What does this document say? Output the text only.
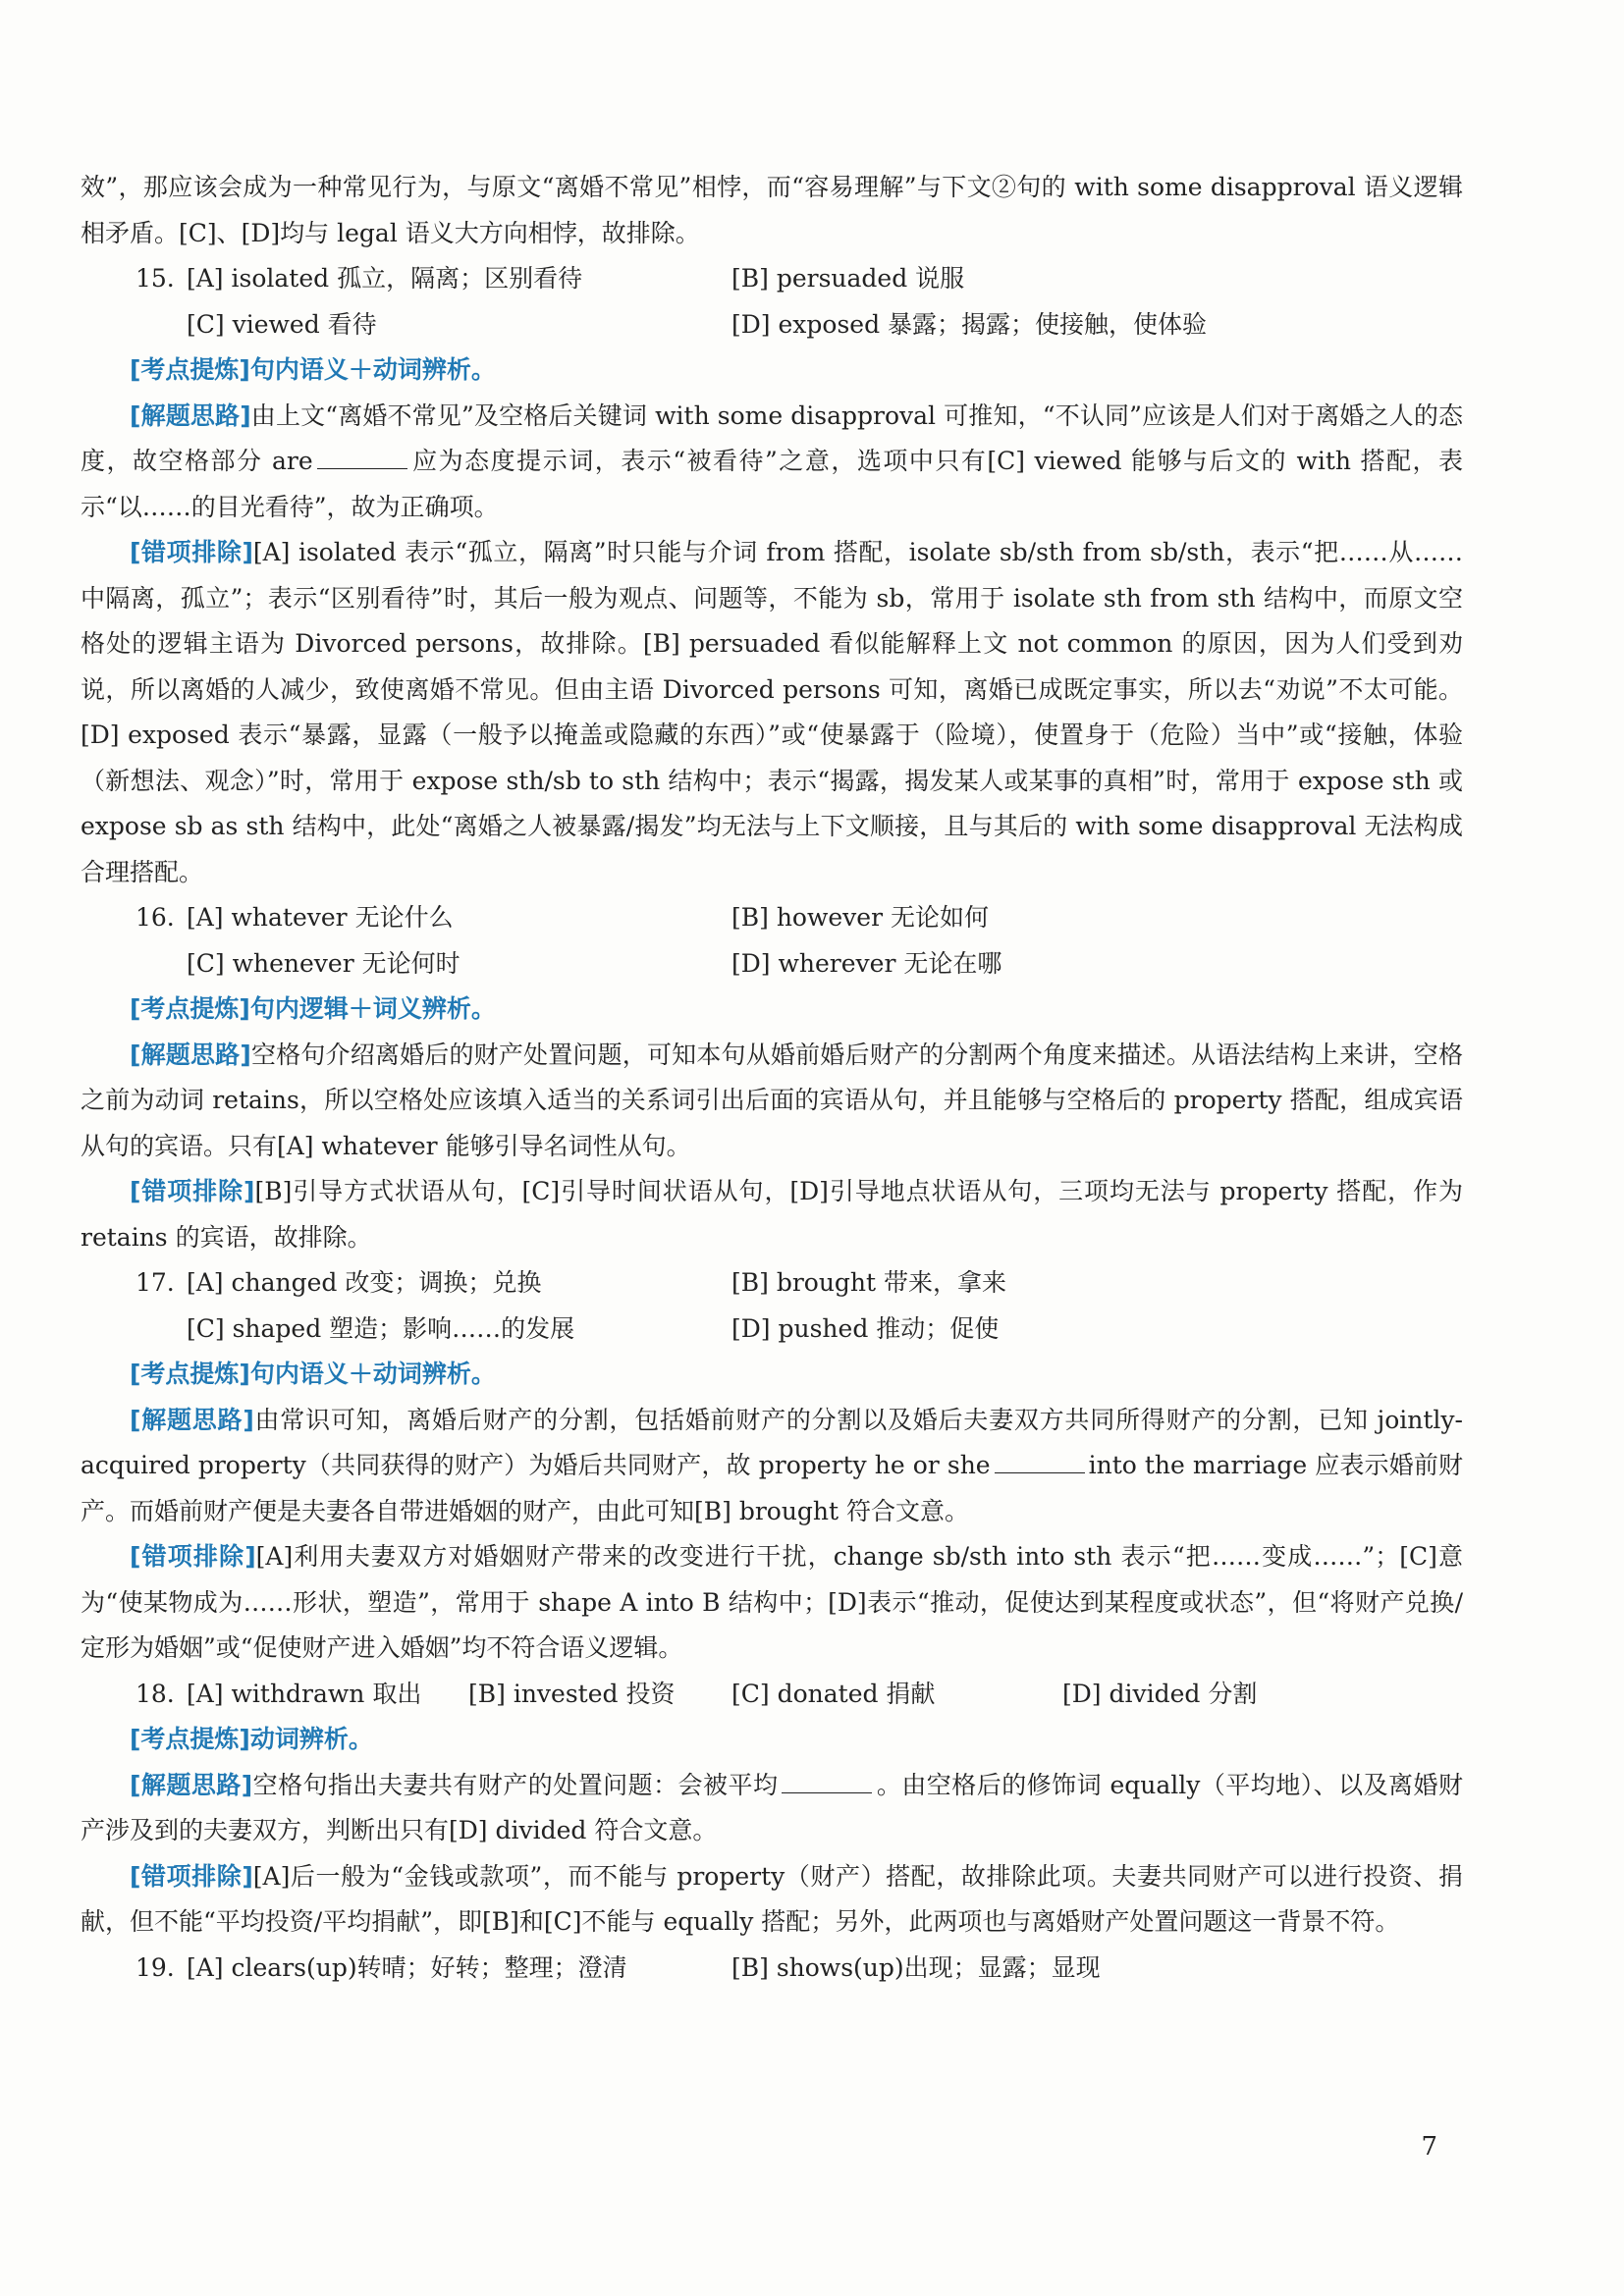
效”，那应该会成为一种常见行为，与原文“离婚不常见”相悖，而“容易理解”与下文②句的 with some disapproval 语义逻辑相矛盾。[C]、[D]均与 legal 语义大方向相悖，故排除。

15. [A] isolated 孤立，隔离；区别看待	[B] persuaded 说服
[C] viewed 看待	[D] exposed 暴露；揭露；使接触，使体验

[考点提炼]句内语义＋动词辨析。

[解题思路]由上文“离婚不常见”及空格后关键词 with some disapproval 可推知，“不认同”应该是人们对于离婚之人的态度，故空格部分 are	应为态度提示词，表示“被看待”之意，选项中只有[C] viewed 能够与后文的 with 搭配，表示“以……的目光看待”，故为正确项。

[错项排除][A] isolated 表示“孤立，隔离”时只能与介词 from 搭配，isolate sb/sth from sb/sth，表示“把……从……中隔离，孤立”；表示“区别看待”时，其后一般为观点、问题等，不能为 sb，常用于 isolate sth from sth 结构中，而原文空格处的逻辑主语为 Divorced persons，故排除。[B] persuaded 看似能解释上文 not common 的原因，因为人们受到劝说，所以离婚的人减少，致使离婚不常见。但由主语 Divorced persons 可知，离婚已成既定事实，所以去“劝说”不太可能。[D] exposed 表示“暴露，显露（一般予以掩盖或隐藏的东西）”或“使暴露于（险境），使置身于（危险）当中”或“接触，体验（新想法、观念）”时，常用于 expose sth/sb to sth 结构中；表示“揭露，揭发某人或某事的真相”时，常用于 expose sth 或 expose sb as sth 结构中，此处“离婚之人被暴露/揭发”均无法与上下文顺接，且与其后的 with some disapproval 无法构成合理搭配。

16. [A] whatever 无论什么	[B] however 无论如何
[C] whenever 无论何时	[D] wherever 无论在哪

[考点提炼]句内逻辑＋词义辨析。

[解题思路]空格句介绍离婚后的财产处置问题，可知本句从婚前婚后财产的分割两个角度来描述。从语法结构上来讲，空格之前为动词 retains，所以空格处应该填入适当的关系词引出后面的宾语从句，并且能够与空格后的 property 搭配，组成宾语从句的宾语。只有[A] whatever 能够引导名词性从句。

[错项排除][B]引导方式状语从句，[C]引导时间状语从句，[D]引导地点状语从句，三项均无法与 property 搭配，作为 retains 的宾语，故排除。

17. [A] changed 改变；调换；兑换	[B] brought 带来，拿来
[C] shaped 塑造；影响……的发展	[D] pushed 推动；促使

[考点提炼]句内语义＋动词辨析。

[解题思路]由常识可知，离婚后财产的分割，包括婚前财产的分割以及婚后夫妻双方共同所得财产的分割，已知 jointly-acquired property（共同获得的财产）为婚后共同财产，故 property he or she	into the marriage 应表示婚前财产。而婚前财产便是夫妻各自带进婚姻的财产，由此可知[B] brought 符合文意。

[错项排除][A]利用夫妻双方对婚姻财产带来的改变进行干扰，change sb/sth into sth 表示“把……变成……”；[C]意为“使某物成为……形状，塑造”，常用于 shape A into B 结构中；[D]表示“推动，促使达到某程度或状态”，但“将财产兑换/定形为婚姻”或“促使财产进入婚姻”均不符合语义逻辑。

18. [A] withdrawn 取出 [B] invested 投资 [C] donated 捐献	[D] divided 分割

[考点提炼]动词辨析。

[解题思路]空格句指出夫妻共有财产的处置问题：会被平均	。由空格后的修饰词 equally（平均地）、以及离婚财产涉及到的夫妻双方，判断出只有[D] divided 符合文意。

[错项排除][A]后一般为“金钱或款项”，而不能与 property（财产）搭配，故排除此项。夫妻共同财产可以进行投资、捐献，但不能“平均投资/平均捐献”，即[B]和[C]不能与 equally 搭配；另外，此两项也与离婚财产处置问题这一背景不符。

19. [A] clears(up)转晴；好转；整理；澄清	[B] shows(up)出现；显露；显现
7
